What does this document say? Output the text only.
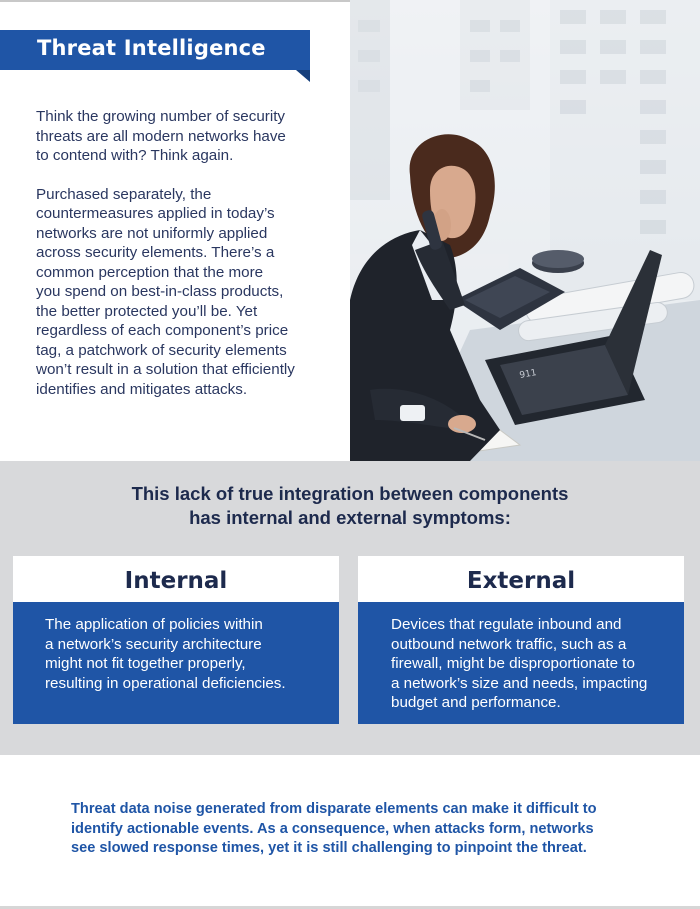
911
Threat Intelligence

Think the growing number of security
threats are all modern networks have
to contend with? Think again.

Purchased separately, the
countermeasures applied in today’s
networks are not uniformly applied
across security elements. There’s a
common perception that the more
you spend on best-in-class products,
the better protected you’ll be. Yet
regardless of each component’s price
tag, a patchwork of security elements
won’t result in a solution that efficiently
identifies and mitigates attacks.

This lack of true integration between components
has internal and external symptoms:
Internal
The application of policies within
a network’s security architecture
might not fit together properly,
resulting in operational deficiencies.
External
Devices that regulate inbound and
outbound network traffic, such as a
firewall, might be disproportionate to
a network’s size and needs, impacting
budget and performance.

Threat data noise generated from disparate elements can make it difficult to
identify actionable events. As a consequence, when attacks form, networks
see slowed response times, yet it is still challenging to pinpoint the threat.
